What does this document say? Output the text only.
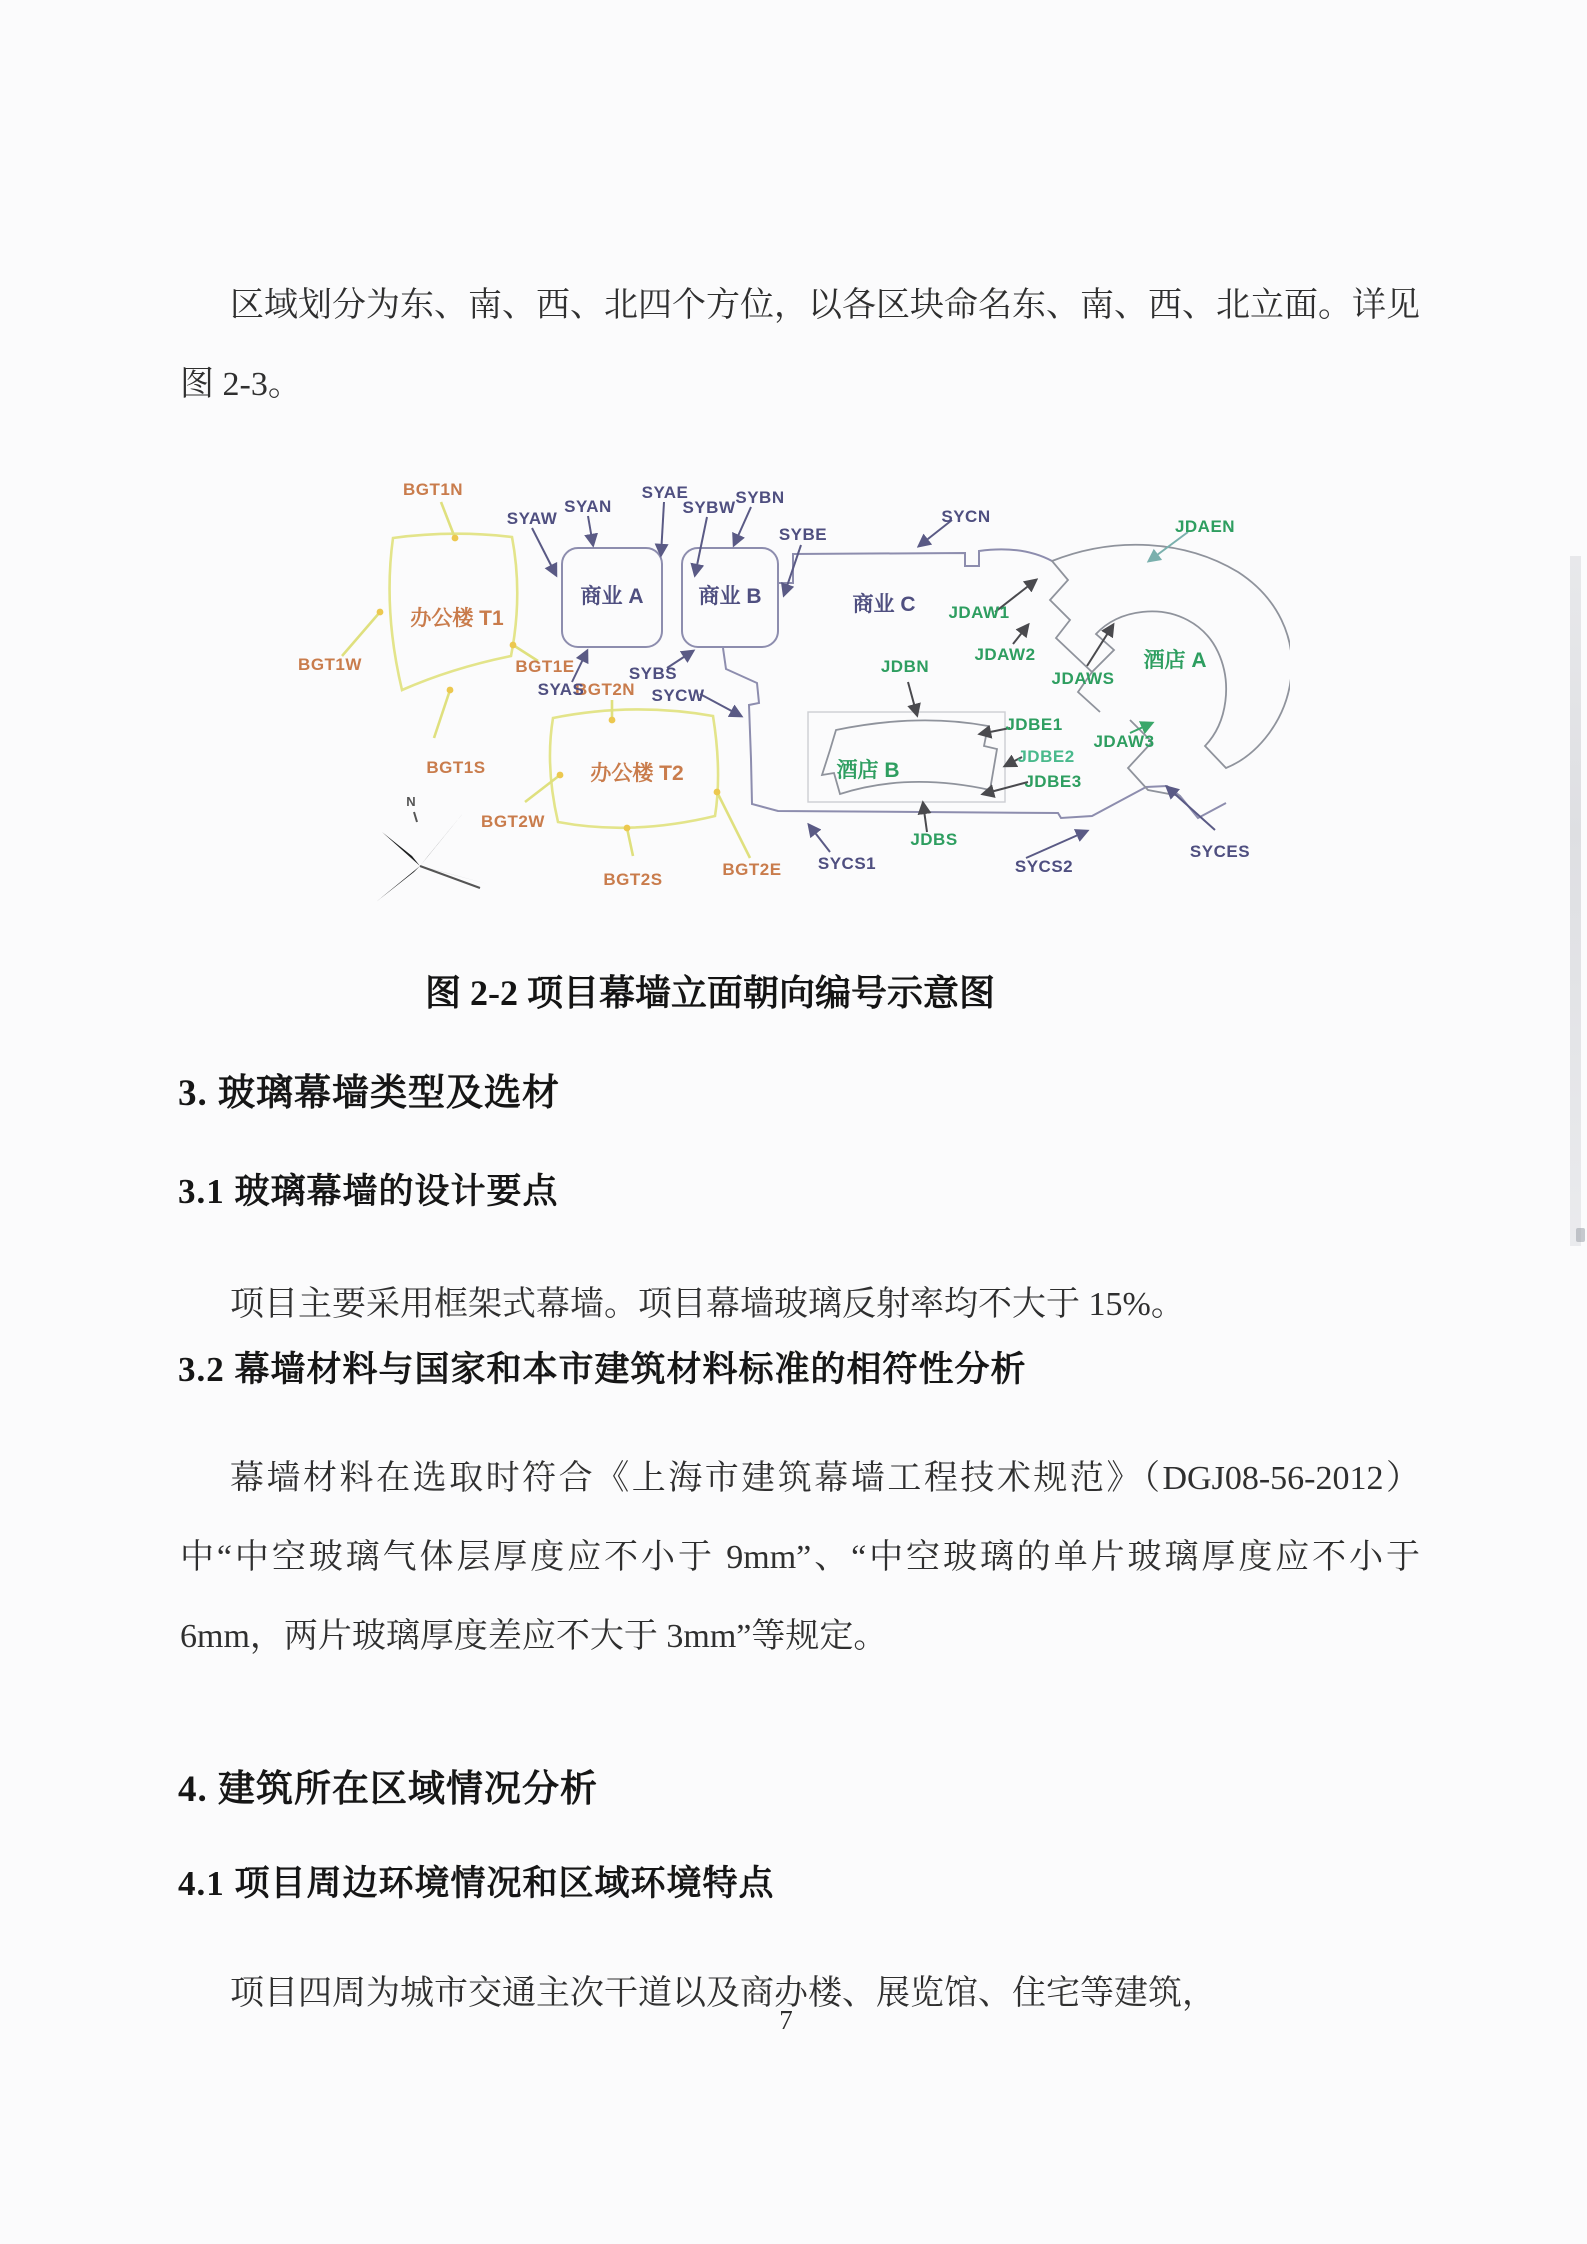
区域划分为东、南、西、北四个方位，以各区块命名东、南、西、北立面。详见图 2-3。

N
BGT1N
BGT1W	BGT1E
BGT1S
BGT2N
BGT2W
BGT2S
BGT2E
SYAW
SYAN
SYAE
SYAS
SYBW
SYBN
SYBE
SYBS
SYCN
SYCW
SYCS1	SYCS2
SYCES
JDAEN
JDAW1
JDAW2
JDAW3
JDAWS
JDBN
JDBE1
JDBE2
JDBE3
JDBS
办公楼 T1
办公楼 T2
商业 A	商业 B	商业 C
酒店 A
酒店 B
图 2-2 项目幕墙立面朝向编号示意图
3. 玻璃幕墙类型及选材
3.1 玻璃幕墙的设计要点

项目主要采用框架式幕墙。项目幕墙玻璃反射率均不大于 15%。

3.2 幕墙材料与国家和本市建筑材料标准的相符性分析

幕墙材料在选取时符合《上海市建筑幕墙工程技术规范》（DGJ08-56-2012）中“中空玻璃气体层厚度应不小于 9mm”、“中空玻璃的单片玻璃厚度应不小于 6mm，两片玻璃厚度差应不大于 3mm”等规定。

4. 建筑所在区域情况分析
4.1 项目周边环境情况和区域环境特点

项目四周为城市交通主次干道以及商办楼、展览馆、住宅等建筑，

7
